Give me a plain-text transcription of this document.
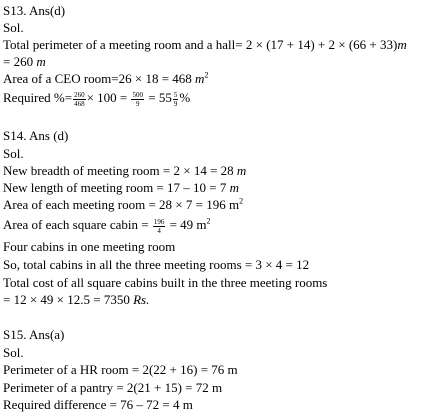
S13. Ans(d)
Sol.
Total perimeter of a meeting room and a hall= 2 × (17 + 14) + 2 × (66 + 33)m
= 260 m
Area of a CEO room=26 × 18 = 468 $m^2$
Required %= $\frac{260}{468} \times 100 = \frac{500}{9} = 55 \frac{5}{9}$ %
S14. Ans (d)
Sol.
New breadth of meeting room = 2 × 14 = 28 m
New length of meeting room = 17 – 10 = 7 m
Area of each meeting room = 28 × 7 = 196 $m^2$
Area of each square cabin = $\frac{196}{4} = 49$ $m^2$
Four cabins in one meeting room
So, total cabins in all the three meeting rooms = 3 × 4 = 12
Total cost of all square cabins built in the three meeting rooms
= 12 × 49 × 12.5 = 7350 Rs.
S15. Ans(a)
Sol.
Perimeter of a HR room = 2(22 + 16) = 76 m
Perimeter of a pantry = 2(21 + 15) = 72 m
Required difference = 76 – 72 = 4 m
